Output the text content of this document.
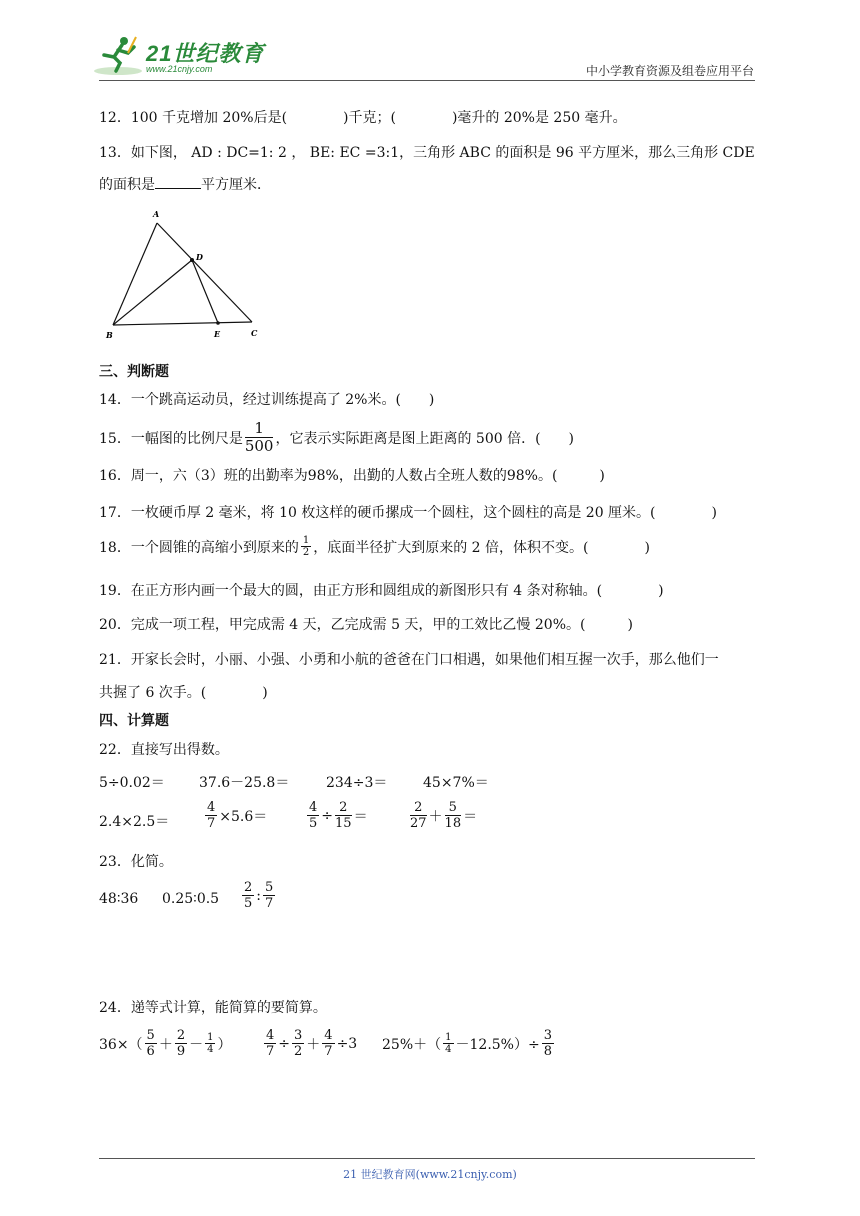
21世纪教育
www.21cnjy.com	中小学教育资源及组卷应用平台
12．100 千克增加 20%后是(　　　　)千克；(　　　　)毫升的 20%是 250 毫升。
13．如下图， AD : DC=1: 2 ， BE: EC =3:1，三角形 ABC 的面积是 96 平方厘米，那么三角形 CDE
的面积是	平方厘米．
A
D
B	E	C
三、判断题
14．一个跳高运动员，经过训练提高了 2%米。(　　)
15．一幅图的比例尺是 $\frac{1}{500}$ ，它表示实际距离是图上距离的 500 倍．(　　)
16．周一，六（3）班的出勤率为98%，出勤的人数占全班人数的98%。(　　　)
17．一枚硬币厚 2 毫米，将 10 枚这样的硬币摞成一个圆柱，这个圆柱的高是 20 厘米。(　　　　)
18．一个圆锥的高缩小到原来的 $\frac{1}{2}$ ，底面半径扩大到原来的 2 倍，体积不变。(　　　　)
19．在正方形内画一个最大的圆，由正方形和圆组成的新图形只有 4 条对称轴。(　　　　)
20．完成一项工程，甲完成需 4 天，乙完成需 5 天，甲的工效比乙慢 20%。(　　　)
21．开家长会时，小丽、小强、小勇和小航的爸爸在门口相遇，如果他们相互握一次手，那么他们一
共握了 6 次手。(　　　　)
四、计算题
22．直接写出得数。
5÷0.02＝ 37.6－25.8＝	234÷3＝	45×7%＝
2.4×2.5＝	$\frac{4}{7} \times 5.6=$	$\frac{4}{5} \div \frac{2}{15}$ ＝	$\frac{2}{27} + \frac{5}{18}$ ＝
23．化简。
48∶36 0.25∶0.5 $\frac{2}{5}$ : $\frac{5}{7}$
24．递等式计算，能简算的要简算。
$36\times( \frac{5}{6} + \frac{2}{9} - \frac{1}{4}$ ）	$\frac{4}{7} \div \frac{3}{2} + \frac{4}{7} \div 3$ $25\%+( \frac{1}{4} -12.5\%)\div \frac{3}{8}$
21 世纪教育网(www.21cnjy.com)
